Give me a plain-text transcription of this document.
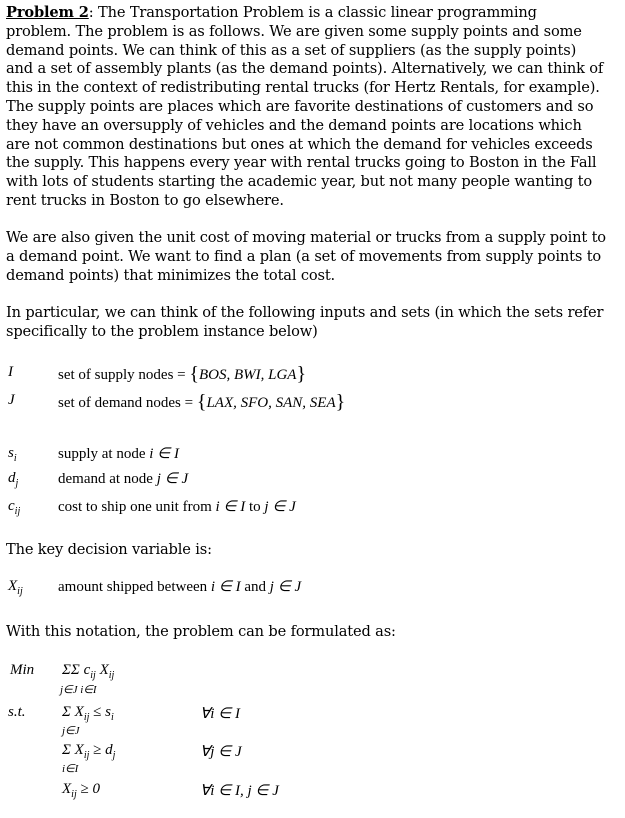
Problem 2: The Transportation Problem is a classic linear programming problem. The problem is as follows. We are given some supply points and some demand points. We can think of this as a set of suppliers (as the supply points) and a set of assembly plants (as the demand points). Alternatively, we can think of this in the context of redistributing rental trucks (for Hertz Rentals, for example). The supply points are places which are favorite destinations of customers and so they have an oversupply of vehicles and the demand points are locations which are not common destinations but ones at which the demand for vehicles exceeds the supply. This happens every year with rental trucks going to Boston in the Fall with lots of students starting the academic year, but not many people wanting to rent trucks in Boston to go elsewhere.

We are also given the unit cost of moving material or trucks from a supply point to a demand point. We want to find a plan (a set of movements from supply points to demand points) that minimizes the total cost.

In particular, we can think of the following inputs and sets (in which the sets refer specifically to the problem instance below)

I	set of supply nodes = {BOS, BWI, LGA}
J	set of demand nodes = {LAX, SFO, SAN, SEA}
$s_i$	supply at node i ∈ I
$d_j$	demand at node j ∈ J
$c_{ij}$	cost to ship one unit from i ∈ I to j ∈ J

The key decision variable is:

$X_{ij}$ amount shipped between i ∈ I and j ∈ J

With this notation, the problem can be formulated as:

Min ΣΣ $c_{ij}$ $X_{ij}$
j∈J i∈I
s.t. Σ $X_{ij} \le s_i$
j∈J
∀i ∈ I
Σ $X_{ij} \ge d_j$
i∈I
∀j ∈ J
$X_{ij} \ge 0$	∀i ∈ I, j ∈ J
